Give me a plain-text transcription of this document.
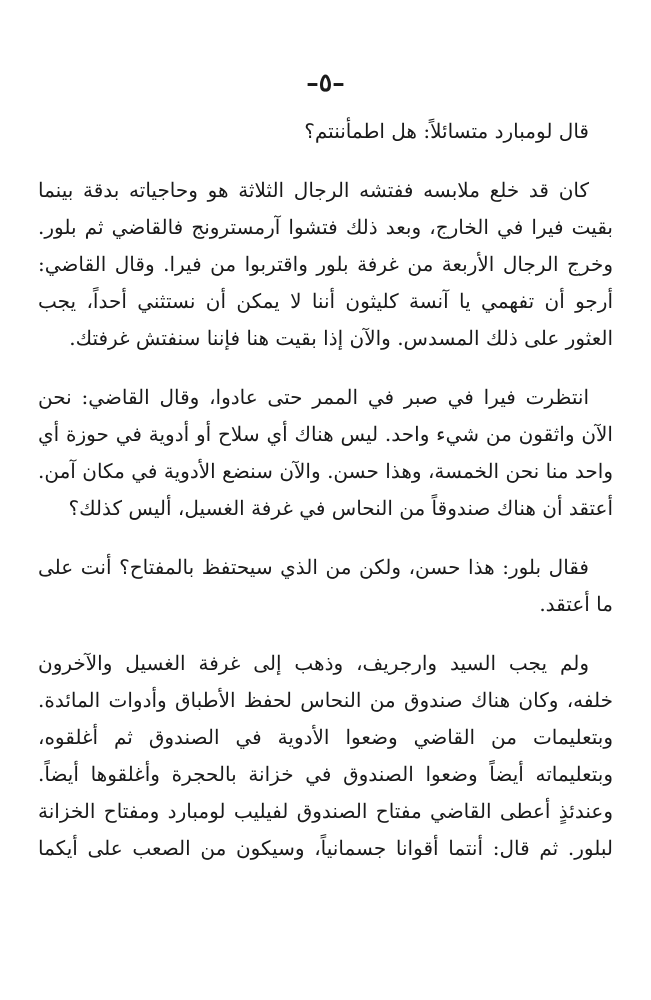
–٥–

قال لومبارد متسائلاً: هل اطمأننتم؟

كان قد خلع ملابسه ففتشه الرجال الثلاثة هو وحاجياته بدقة بينما بقيت فيرا في الخارج، وبعد ذلك فتشوا آرمسترونج فالقاضي ثم بلور. وخرج الرجال الأربعة من غرفة بلور واقتربوا من فيرا. وقال القاضي: أرجو أن تفهمي يا آنسة كليثون أننا لا يمكن أن نستثني أحداً، يجب العثور على ذلك المسدس. والآن إذا بقيت هنا فإننا سنفتش غرفتك.

انتظرت فيرا في صبر في الممر حتى عادوا، وقال القاضي: نحن الآن واثقون من شيء واحد. ليس هناك أي سلاح أو أدوية في حوزة أي واحد منا نحن الخمسة، وهذا حسن. والآن سنضع الأدوية في مكان آمن. أعتقد أن هناك صندوقاً من النحاس في غرفة الغسيل، أليس كذلك؟

فقال بلور: هذا حسن، ولكن من الذي سيحتفظ بالمفتاح؟ أنت على ما أعتقد.

ولم يجب السيد وارجريف، وذهب إلى غرفة الغسيل والآخرون خلفه، وكان هناك صندوق من النحاس لحفظ الأطباق وأدوات المائدة. وبتعليمات من القاضي وضعوا الأدوية في الصندوق ثم أغلقوه، وبتعليماته أيضاً وضعوا الصندوق في خزانة بالحجرة وأغلقوها أيضاً. وعندئذٍ أعطى القاضي مفتاح الصندوق لفيليب لومبارد ومفتاح الخزانة لبلور. ثم قال: أنتما أقوانا جسمانياً، وسيكون من الصعب على أيكما
